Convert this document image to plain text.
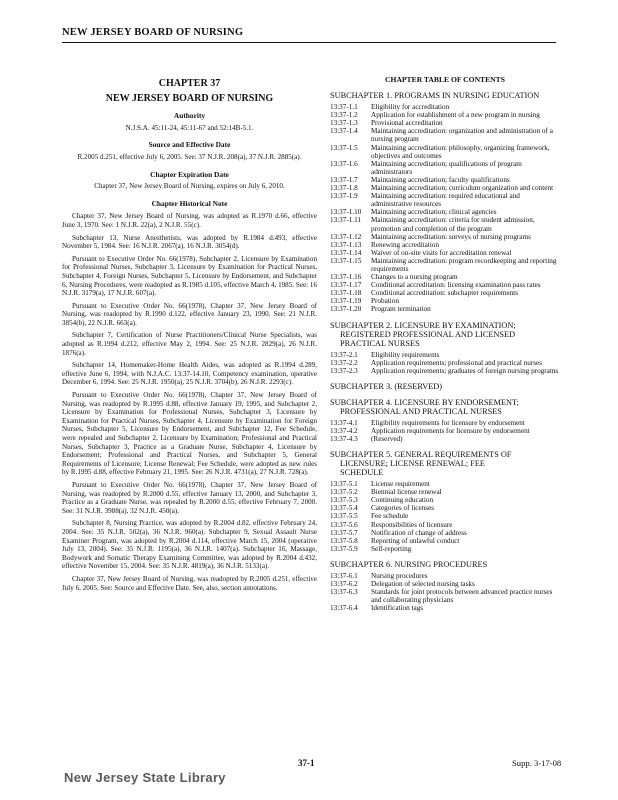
NEW JERSEY BOARD OF NURSING
CHAPTER 37
NEW JERSEY BOARD OF NURSING
Authority
N.J.S.A. 45:11-24, 45:11-67 and 52:14B-5.1.
Source and Effective Date
R.2005 d.251, effective July 6, 2005. See: 37 N.J.R. 208(a), 37 N.J.R. 2885(a).
Chapter Expiration Date
Chapter 37, New Jersey Board of Nursing, expires on July 6, 2010.
Chapter Historical Note
Chapter 37, New Jersey Board of Nursing, was adopted as R.1970 d.66, effective June 3, 1970. See: 1 N.J.R. 22(a), 2 N.J.R. 55(c).
Subchapter 13, Nurse Anesthetists, was adopted by R.1984 d.493, effective November 5, 1984. See: 16 N.J.R. 2067(a), 16 N.J.R. 3054(d).
Pursuant to Executive Order No. 66(1978), Subchapter 2, Licensure by Examination for Professional Nurses, Subchapter 3, Licensure by Examination for Practical Nurses, Subchapter 4, Foreign Nurses, Subchapter 5, Licensure by Endorsement, and Subchapter 6, Nursing Procedures, were readopted as R.1985 d.105, effective March 4, 1985. See: 16 N.J.R. 3179(a), 17 N.J.R. 607(a).
Pursuant to Executive Order No. 66(1978), Chapter 37, New Jersey Board of Nursing, was readopted by R.1990 d.122, effective January 23, 1990. See: 21 N.J.R. 3854(b), 22 N.J.R. 663(a).
Subchapter 7, Certification of Nurse Practitioners/Clinical Nurse Specialists, was adopted as R.1994 d.212, effective May 2, 1994. See: 25 N.J.R. 2829(a), 26 N.J.R. 1876(a).
Subchapter 14, Homemaker-Home Health Aides, was adopted as R.1994 d.289, effective June 6, 1994, with N.J.A.C. 13:37-14.10, Competency examination, operative December 6, 1994. See: 25 N.J.R. 1950(a), 25 N.J.R. 3704(b), 26 N.J.R. 2293(c).
Pursuant to Executive Order No. 66(1978), Chapter 37, New Jersey Board of Nursing, was readopted by R.1995 d.88, effective January 19, 1995, and Subchapter 2, Licensure by Examination for Professional Nurses, Subchapter 3, Licensure by Examination for Practical Nurses, Subchapter 4, Licensure by Examination for Foreign Nurses, Subchapter 5, Licensure by Endorsement, and Subchapter 12, Fee Schedule, were repealed and Subchapter 2, Licensure by Examination; Professional and Practical Nurses, Subchapter 3, Practice as a Graduate Nurse, Subchapter 4, Licensure by Endorsement; Professional and Practical Nurses, and Subchapter 5, General Requirements of Licensure; License Renewal; Fee Schedule, were adopted as new rules by R.1995 d.88, effective February 21, 1995. See: 26 N.J.R. 4731(a), 27 N.J.R. 728(a).
Pursuant to Executive Order No. 66(1978), Chapter 37, New Jersey Board of Nursing, was readopted by R.2000 d.55, effective January 13, 2000, and Subchapter 3, Practice as a Graduate Nurse, was repealed by R.2000 d.55, effective February 7, 2000. See: 31 N.J.R. 3988(a), 32 N.J.R. 450(a).
Subchapter 8, Nursing Practice, was adopted by R.2004 d.82, effective February 24, 2004. See: 35 N.J.R. 502(a), 36 N.J.R. 960(a). Subchapter 9, Sexual Assault Nurse Examiner Program, was adopted by R.2004 d.114, effective March 15, 2004 (operative July 13, 2004). See: 35 N.J.R. 1195(a), 36 N.J.R. 1407(a). Subchapter 16, Massage, Bodywork and Somatic Therapy Examining Committee, was adopted by R.2004 d.432, effective November 15, 2004. See: 35 N.J.R. 4819(a), 36 N.J.R. 5133(a).
Chapter 37, New Jersey Board of Nursing, was readopted by R.2005 d.251, effective July 6, 2005. See: Source and Effective Date. See, also, section annotations.
CHAPTER TABLE OF CONTENTS
SUBCHAPTER 1. PROGRAMS IN NURSING EDUCATION
13:37-1.1	Eligibility for accreditation
13:37-1.2	Application for establishment of a new program in nursing
13:37-1.3	Provisional accreditation
13:37-1.4	Maintaining accreditation: organization and administration of a nursing program
13:37-1.5	Maintaining accreditation: philosophy, organizing framework, objectives and outcomes
13:37-1.6	Maintaining accreditation; qualifications of program administrators
13:37-1.7	Maintaining accreditation; faculty qualifications
13:37-1.8	Maintaining accreditation; curriculum organization and content
13:37-1.9	Maintaining accreditation: required educational and administrative resources
13:37-1.10	Maintaining accreditation; clinical agencies
13:37-1.11	Maintaining accreditation: criteria for student admission, promotion and completion of the program
13:37-1.12	Maintaining accreditation: surveys of nursing programs
13:37-1.13	Renewing accreditation
13:37-1.14	Waiver of on-site visits for accreditation renewal
13:37-1.15	Maintaining accreditation: program recordkeeping and reporting requirements
13:37-1.16	Changes to a nursing program
13:37-1.17	Conditional accreditation: licensing examination pass rates
13:37-1.18	Conditional accreditation: subchapter requirements
13:37-1.19	Probation
13:37-1.20	Program termination
SUBCHAPTER 2. LICENSURE BY EXAMINATION;
REGISTERED PROFESSIONAL AND LICENSED
PRACTICAL NURSES
13:37-2.1	Eligibility requirements
13:37-2.2	Application requirements; professional and practical nurses
13:37-2.3	Application requirements; graduates of foreign nursing programs
SUBCHAPTER 3. (RESERVED)
SUBCHAPTER 4. LICENSURE BY ENDORSEMENT;
PROFESSIONAL AND PRACTICAL NURSES
13:37-4.1	Eligibility requirements for licensure by endorsement
13:37-4.2	Application requirements for licensure by endorsement
13:37-4.3	(Reserved)
SUBCHAPTER 5. GENERAL REQUIREMENTS OF
LICENSURE; LICENSE RENEWAL; FEE
SCHEDULE
13:37-5.1	License requirement
13:37-5.2	Biennial license renewal
13:37-5.3	Continuing education
13:37-5.4	Categories of licenses
13:37-5.5	Fee schedule
13:37-5.6	Responsibilities of licensure
13:37-5.7	Notification of change of address
13:37-5.8	Reporting of unlawful conduct
13:37-5.9	Self-reporting
SUBCHAPTER 6. NURSING PROCEDURES
13:37-6.1	Nursing procedures
13:37-6.2	Delegation of selected nursing tasks
13:37-6.3	Standards for joint protocols between advanced practice nurses and collaborating physicians
13:37-6.4	Identification tags
37-1	Supp. 3-17-08
New Jersey State Library
